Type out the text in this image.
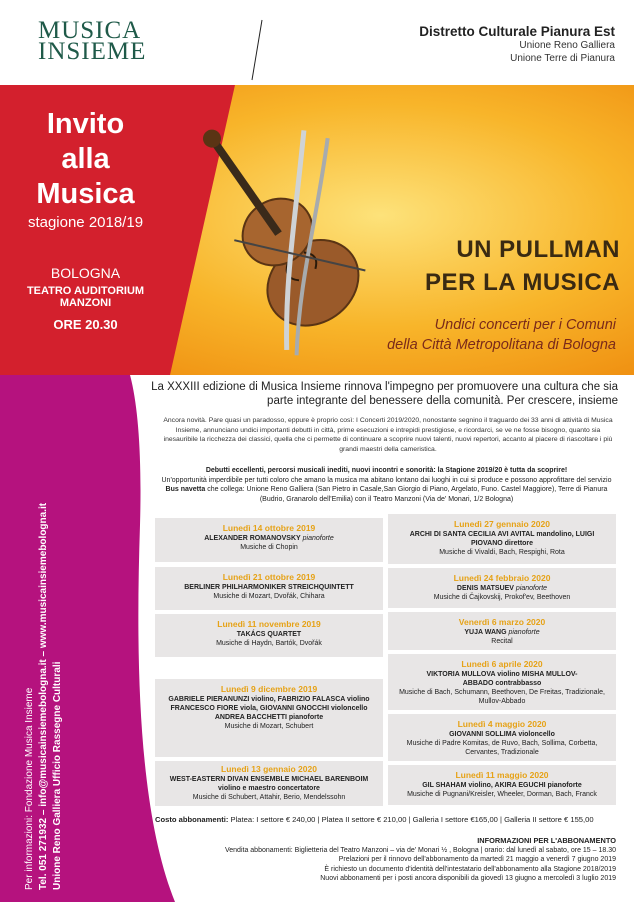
MUSICA
INSIEME
Distretto Culturale Pianura Est
Unione Reno Galliera
Unione Terre di Pianura
Invito
alla
Musica
stagione 2018/19
BOLOGNA
TEATRO AUDITORIUM MANZONI
ORE 20.30
UN PULLMAN
PER LA MUSICA
Undici concerti per i Comuni
della Città Metropolitana di Bologna
Per informazioni: Fondazione Musica Insieme Tel. 051 271932 – info@musicainsiemebologna.it – www.musicainsiemebologna.it Unione Reno Galliera Ufficio Rassegne Culturali
La XXXIII edizione di Musica Insieme rinnova l'impegno per promuovere una cultura che sia parte integrante del benessere della comunità. Per crescere, insieme
Ancora novità. Pare quasi un paradosso, eppure è proprio così: I Concerti 2019/2020, nonostante segnino il traguardo dei 33 anni di attività di Musica Insieme, annunciano undici importanti debutti in città, prime esecuzioni e intrepidi prestigiose, e ricordarci, se ve ne fosse bisogno, quanto sia inesauribile la ricchezza dei classici, quella che ci permette di continuare a scoprire nuovi talenti, nuovi repertori, accanto al piacere di riascoltare i più grandi maestri della cameristica.
Debutti eccellenti, percorsi musicali inediti, nuovi incontri e sonorità: la Stagione 2019/20 è tutta da scoprire!
Un'opportunità imperdibile per tutti coloro che amano la musica ma abitano lontano dai luoghi in cui si produce e possono approfittare del servizio Bus navetta che collega: Unione Reno Galliera (San Pietro in Casale,San Giorgio di Piano, Argelato, Funo. Castel Maggiore), Terre di Pianura (Budrio, Granarolo dell'Emilia) con il Teatro Manzoni (Via de' Monari, 1/2 Bologna)
Lunedì 14 ottobre 2019
ALEXANDER ROMANOVSKY pianoforte
Musiche di Chopin
Lunedì 21 ottobre 2019
BERLINER PHILHARMONIKER STREICHQUINTETT
Musiche di Mozart, Dvořák, Chihara
Lunedì 11 novembre 2019
TAKÁCS QUARTET
Musiche di Haydn, Bartók, Dvořák
Lunedì 9 dicembre 2019
GABRIELE PIERANUNZI violino, FABRIZIO FALASCA violino FRANCESCO FIORE viola, GIOVANNI GNOCCHI violoncello ANDREA BACCHETTI pianoforte
Musiche di Mozart, Schubert
Lunedì 13 gennaio 2020
WEST-EASTERN DIVAN ENSEMBLE MICHAEL BARENBOIM violino e maestro concertatore
Musiche di Schubert, Attahir, Berio, Mendelssohn
Lunedì 27 gennaio 2020
ARCHI DI SANTA CECILIA AVI AVITAL mandolino, LUIGI PIOVANO direttore
Musiche di Vivaldi, Bach, Respighi, Rota
Lunedì 24 febbraio 2020
DENIS MATSUEV pianoforte
Musiche di Čajkovskij, Prokof'ev, Beethoven
Venerdì 6 marzo 2020
YUJA WANG pianoforte
Recital
Lunedì 6 aprile 2020
VIKTORIA MULLOVA violino MISHA MULLOV-ABBADO contrabbasso
Musiche di Bach, Schumann, Beethoven, De Freitas, Tradizionale, Mullov-Abbado
Lunedì 4 maggio 2020
GIOVANNI SOLLIMA violoncello
Musiche di Padre Komitas, de Ruvo, Bach, Sollima, Corbetta, Cervantes, Tradizionale
Lunedì 11 maggio 2020
GIL SHAHAM violino, AKIRA EGUCHI pianoforte
Musiche di Pugnani/Kreisler, Wheeler, Dorman, Bach, Franck
Costo abbonamenti: Platea: I settore € 240,00 | Platea II settore € 210,00 | Galleria I settore €165,00 | Galleria II settore € 155,00
INFORMAZIONI PER L'ABBONAMENTO
Vendita abbonamenti: Biglietteria del Teatro Manzoni – via de' Monari ½ , Bologna | orario: dal lunedì al sabato, ore 15 – 18.30
Prelazioni per il rinnovo dell'abbonamento da martedì 21 maggio a venerdì 7 giugno 2019
È richiesto un documento d'identità dell'intestatario dell'abbonamento alla Stagione 2018/2019
Nuovi abbonamenti per i posti ancora disponibili da giovedì 13 giugno a mercoledì 3 luglio 2019
